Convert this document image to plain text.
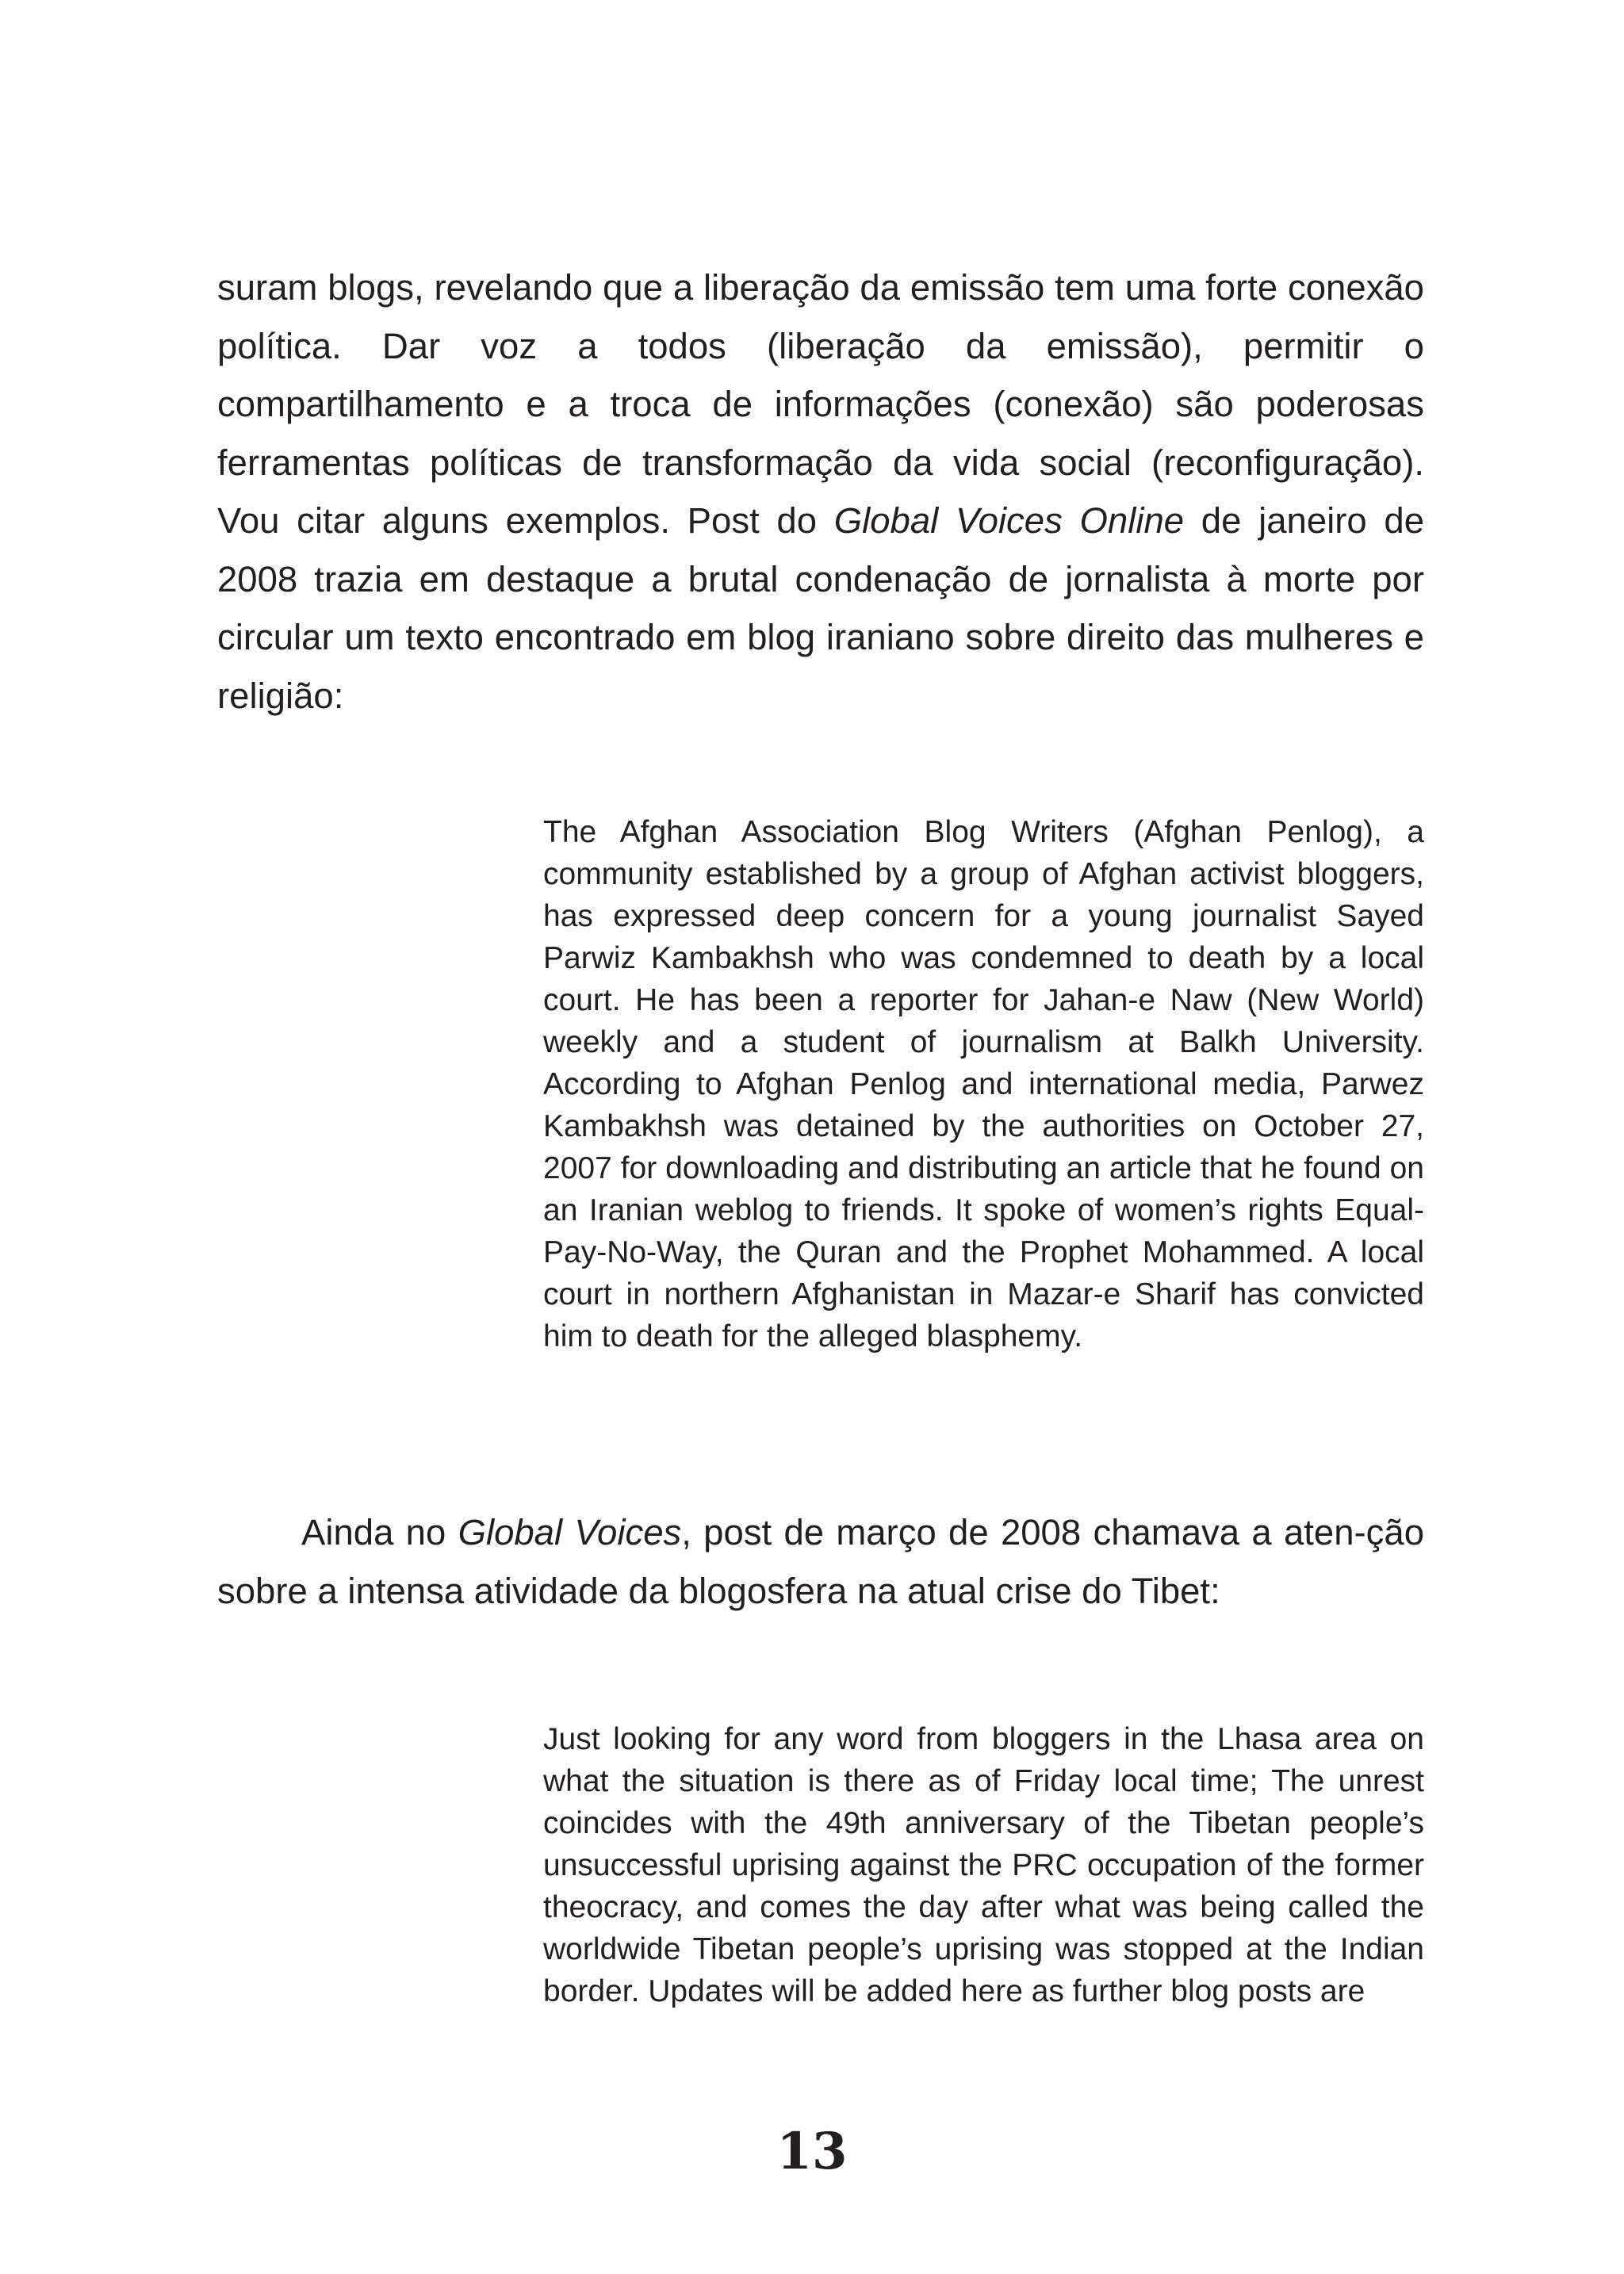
suram blogs, revelando que a liberação da emissão tem uma forte conexão política. Dar voz a todos (liberação da emissão), permitir o compartilhamento e a troca de informações (conexão) são poderosas ferramentas políticas de transformação da vida social (reconfiguração). Vou citar alguns exemplos. Post do Global Voices Online de janeiro de 2008 trazia em destaque a brutal condenação de jornalista à morte por circular um texto encontrado em blog iraniano sobre direito das mulheres e religião:

The Afghan Association Blog Writers (Afghan Penlog), a community established by a group of Afghan activist bloggers, has expressed deep concern for a young journalist Sayed Parwiz Kambakhsh who was condemned to death by a local court. He has been a reporter for Jahan-e Naw (New World) weekly and a student of journalism at Balkh University. According to Afghan Penlog and international media, Parwez Kambakhsh was detained by the authorities on October 27, 2007 for downloading and distributing an article that he found on an Iranian weblog to friends. It spoke of women’s rights Equal-Pay-No-Way, the Quran and the Prophet Mohammed. A local court in northern Afghanistan in Mazar-e Sharif has convicted him to death for the alleged blasphemy.

Ainda no Global Voices, post de março de 2008 chamava a aten-ção sobre a intensa atividade da blogosfera na atual crise do Tibet:

Just looking for any word from bloggers in the Lhasa area on what the situation is there as of Friday local time; The unrest coincides with the 49th anniversary of the Tibetan people’s unsuccessful uprising against the PRC occupation of the former theocracy, and comes the day after what was being called the worldwide Tibetan people’s uprising was stopped at the Indian border. Updates will be added here as further blog posts are

13
